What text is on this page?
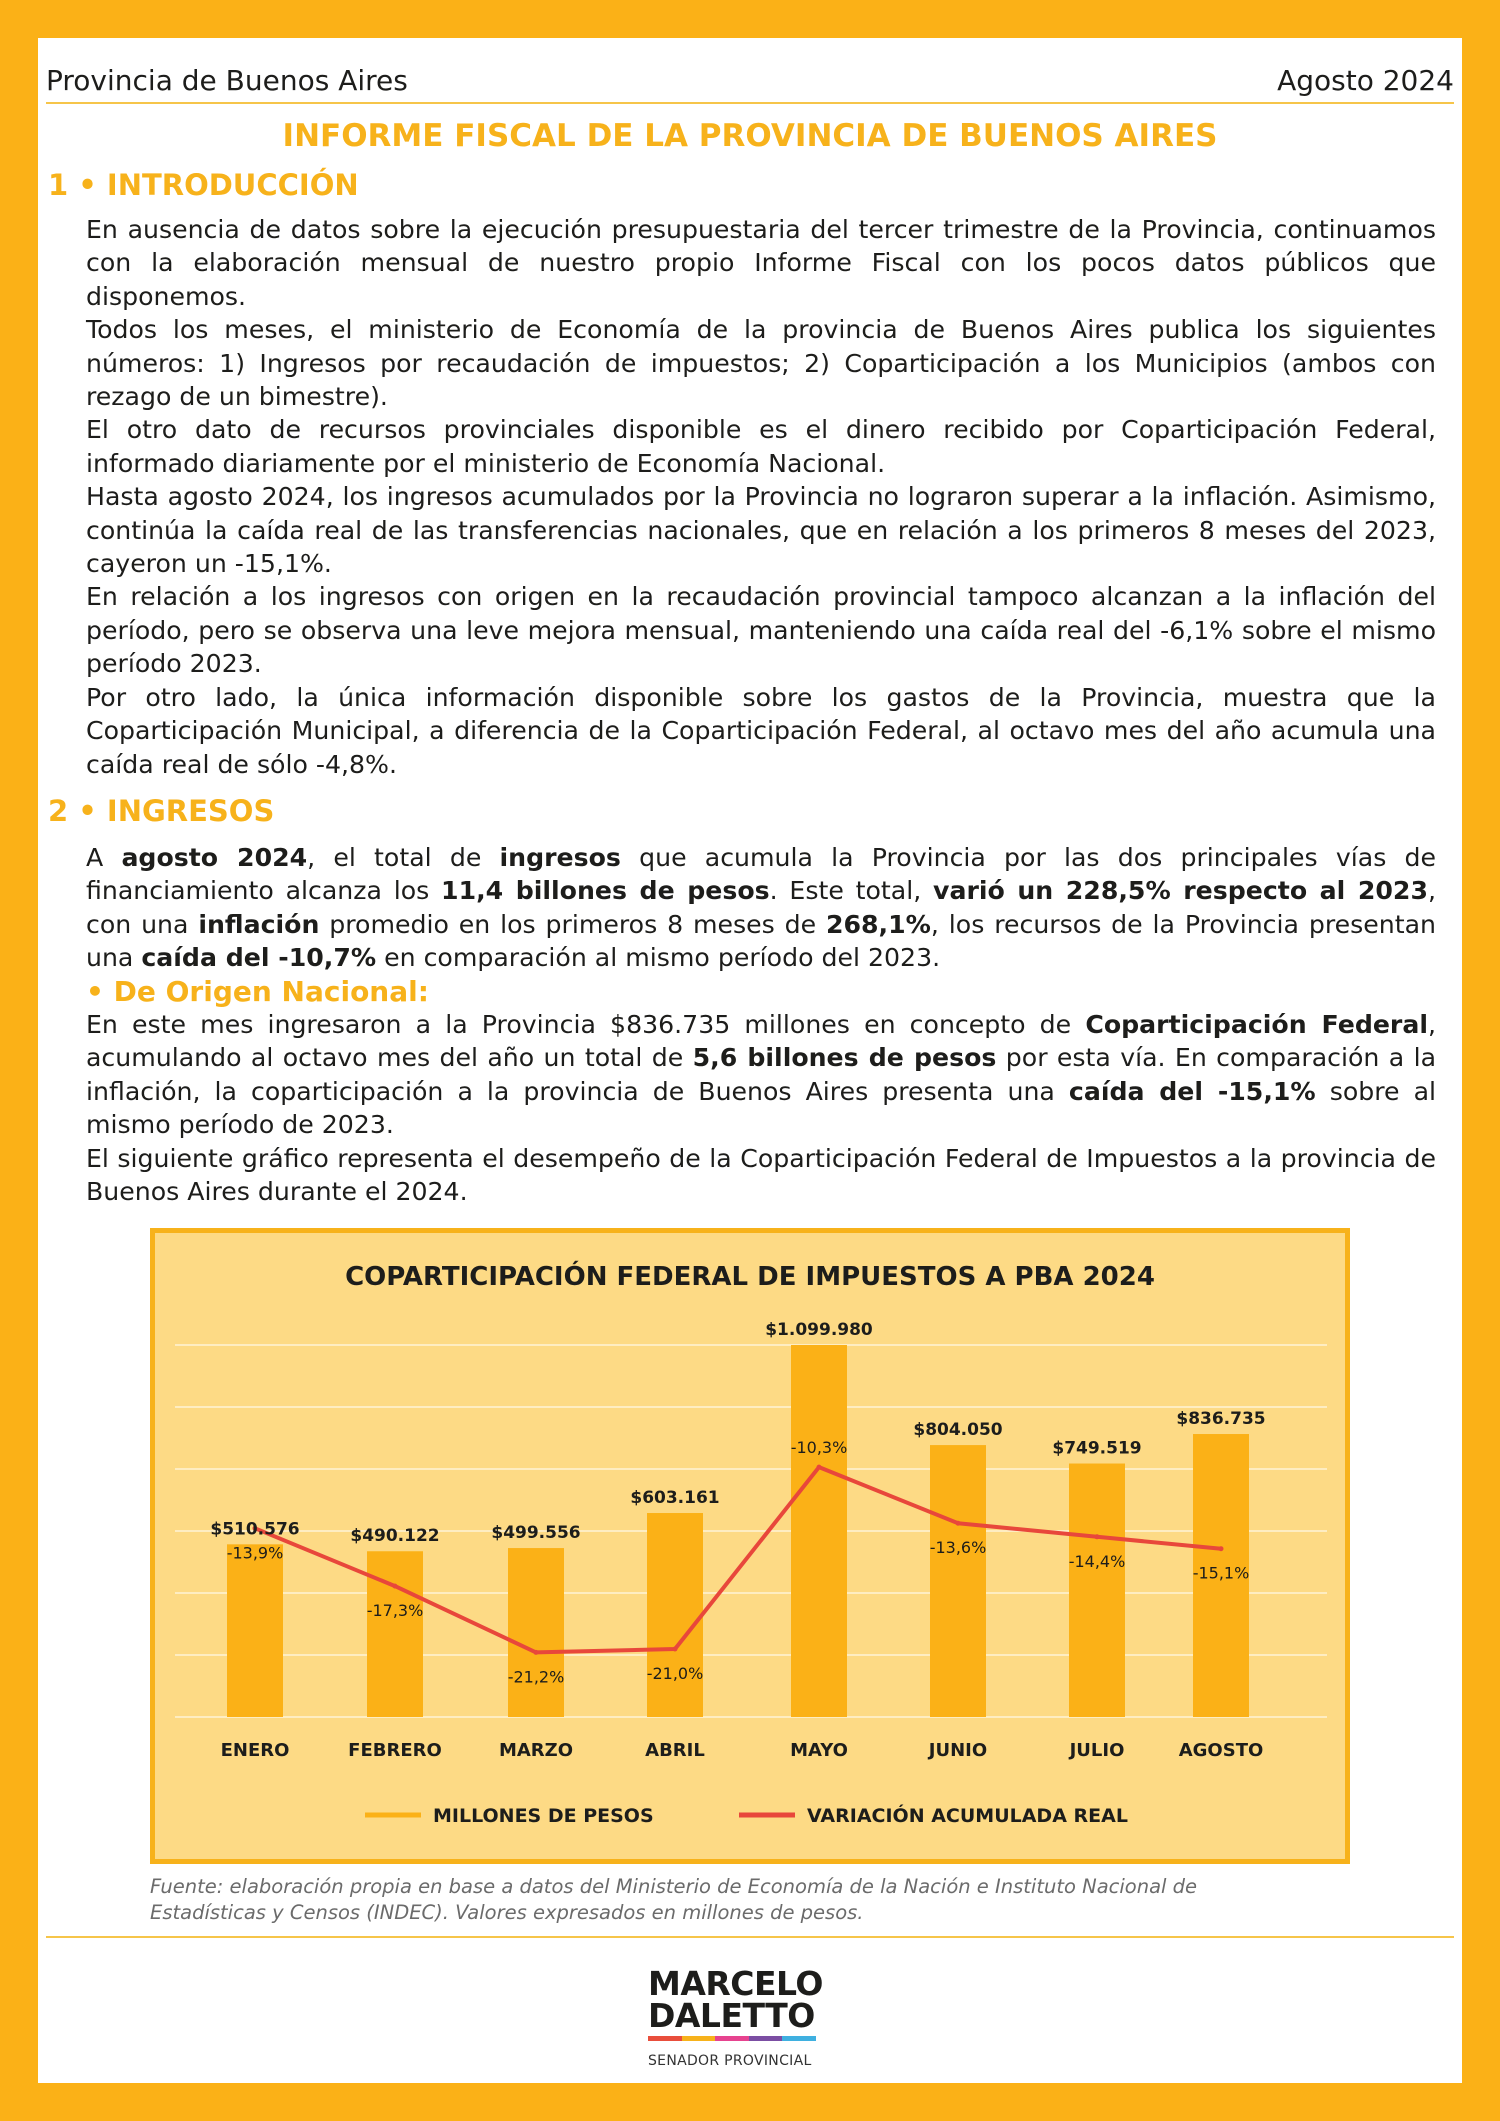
Provincia de Buenos Aires	Agosto 2024
INFORME FISCAL DE LA PROVINCIA DE BUENOS AIRES
1 • INTRODUCCIÓN

En ausencia de datos sobre la ejecución presupuestaria del tercer trimestre de la Provincia, continuamos con la elaboración mensual de nuestro propio Informe Fiscal con los pocos datos públicos que disponemos.

Todos los meses, el ministerio de Economía de la provincia de Buenos Aires publica los siguientes números: 1) Ingresos por recaudación de impuestos; 2) Coparticipación a los Municipios (ambos con rezago de un bimestre).

El otro dato de recursos provinciales disponible es el dinero recibido por Coparticipación Federal, informado diariamente por el ministerio de Economía Nacional.

Hasta agosto 2024, los ingresos acumulados por la Provincia no lograron superar a la inflación. Asimismo, continúa la caída real de las transferencias nacionales, que en relación a los primeros 8 meses del 2023, cayeron un -15,1%.

En relación a los ingresos con origen en la recaudación provincial tampoco alcanzan a la inflación del período, pero se observa una leve mejora mensual, manteniendo una caída real del -6,1% sobre el mismo período 2023.

Por otro lado, la única información disponible sobre los gastos de la Provincia, muestra que la Coparticipación Municipal, a diferencia de la Coparticipación Federal, al octavo mes del año acumula una caída real de sólo -4,8%.

2 • INGRESOS

A agosto 2024, el total de ingresos que acumula la Provincia por las dos principales vías de financiamiento alcanza los 11,4 billones de pesos. Este total, varió un 228,5% respecto al 2023, con una inflación promedio en los primeros 8 meses de 268,1%, los recursos de la Provincia presentan una caída del -10,7% en comparación al mismo período del 2023.

• De Origen Nacional:

En este mes ingresaron a la Provincia $836.735 millones en concepto de Coparticipación Federal, acumulando al octavo mes del año un total de 5,6 billones de pesos por esta vía. En comparación a la inflación, la coparticipación a la provincia de Buenos Aires presenta una caída del -15,1% sobre al mismo período de 2023.

El siguiente gráfico representa el desempeño de la Coparticipación Federal de Impuestos a la provincia de Buenos Aires durante el 2024.

COPARTICIPACIÓN FEDERAL DE IMPUESTOS A PBA 2024
$510.576
ENERO
$490.122
FEBRERO
$499.556
MARZO
$603.161
ABRIL
$1.099.980
MAYO
$804.050
JUNIO
$749.519
JULIO
$836.735
AGOSTO
-13,9%
-17,3%
-21,2%	-21,0%
-10,3%
-13,6%
-14,4%
-15,1%
MILLONES DE PESOS	VARIACIÓN ACUMULADA REAL
Fuente: elaboración propia en base a datos del Ministerio de Economía de la Nación e Instituto Nacional de Estadísticas y Censos (INDEC). Valores expresados en millones de pesos.
MARCELO
DALETTO
SENADOR PROVINCIAL
